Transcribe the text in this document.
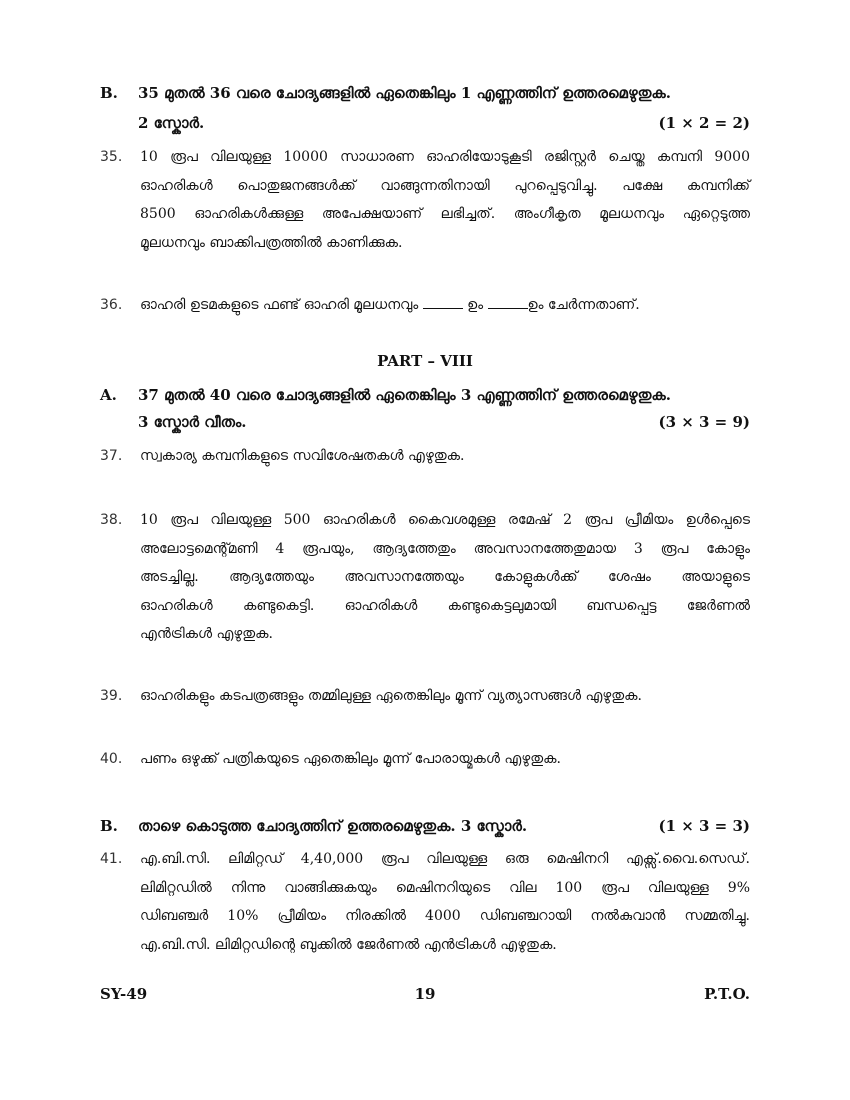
B. 35 മുതൽ 36 വരെ ചോദ്യങ്ങളിൽ ഏതെങ്കിലും 1 എണ്ണത്തിന് ഉത്തരമെഴുതുക.
2 സ്കോർ.	(1 × 2 = 2)
35. 10 രൂപ വിലയുള്ള 10000 സാധാരണ ഓഹരിയോടുകൂടി രജിസ്റ്റർ ചെയ്ത കമ്പനി 9000
ഓഹരികൾ പൊതുജനങ്ങൾക്ക് വാങ്ങുന്നതിനായി പുറപ്പെടുവിച്ചു. പക്ഷേ കമ്പനിക്ക്
8500 ഓഹരികൾക്കുള്ള അപേക്ഷയാണ് ലഭിച്ചത്. അംഗീകൃത മൂലധനവും ഏറ്റെടുത്ത
മൂലധനവും ബാക്കിപത്രത്തിൽ കാണിക്കുക.
36. ഓഹരി ഉടമകളുടെ ഫണ്ട് ഓഹരി മൂലധനവും	ഉം	ഉം ചേർന്നതാണ്.
PART – VIII
A. 37 മുതൽ 40 വരെ ചോദ്യങ്ങളിൽ ഏതെങ്കിലും 3 എണ്ണത്തിന് ഉത്തരമെഴുതുക.
3 സ്കോർ വീതം.	(3 × 3 = 9)
37. സ്വകാര്യ കമ്പനികളുടെ സവിശേഷതകൾ എഴുതുക.
38. 10 രൂപ വിലയുള്ള 500 ഓഹരികൾ കൈവശമുള്ള രമേഷ് 2 രൂപ പ്രീമിയം ഉൾപ്പെടെ
അലോട്ടമെന്റ്മണി 4 രൂപയും, ആദ്യത്തേതും അവസാനത്തേതുമായ 3 രൂപ കോളും
അടച്ചില്ല. ആദ്യത്തേയും അവസാനത്തേയും കോളുകൾക്ക് ശേഷം അയാളുടെ
ഓഹരികൾ കണ്ടുകെട്ടി. ഓഹരികൾ കണ്ടുകെട്ടലുമായി ബന്ധപ്പെട്ട ജേർണൽ
എൻട്രികൾ എഴുതുക.
39. ഓഹരികളും കടപത്രങ്ങളും തമ്മിലുള്ള ഏതെങ്കിലും മൂന്ന് വ്യത്യാസങ്ങൾ എഴുതുക.
40. പണം ഒഴുക്ക് പത്രികയുടെ ഏതെങ്കിലും മൂന്ന് പോരായ്മകൾ എഴുതുക.
B. താഴെ കൊടുത്ത ചോദ്യത്തിന് ഉത്തരമെഴുതുക. 3 സ്കോർ.	(1 × 3 = 3)
41. എ.ബി.സി. ലിമിറ്റഡ് 4,40,000 രൂപ വിലയുള്ള ഒരു മെഷിനറി എക്സ്.വൈ.സെഡ്.
ലിമിറ്റഡിൽ നിന്നു വാങ്ങിക്കുകയും മെഷിനറിയുടെ വില 100 രൂപ വിലയുള്ള 9%
ഡിബഞ്ചർ 10% പ്രീമിയം നിരക്കിൽ 4000 ഡിബഞ്ചറായി നൽകുവാൻ സമ്മതിച്ചു.
എ.ബി.സി. ലിമിറ്റഡിന്റെ ബുക്കിൽ ജേർണൽ എൻട്രികൾ എഴുതുക.
SY-49	19	P.T.O.
